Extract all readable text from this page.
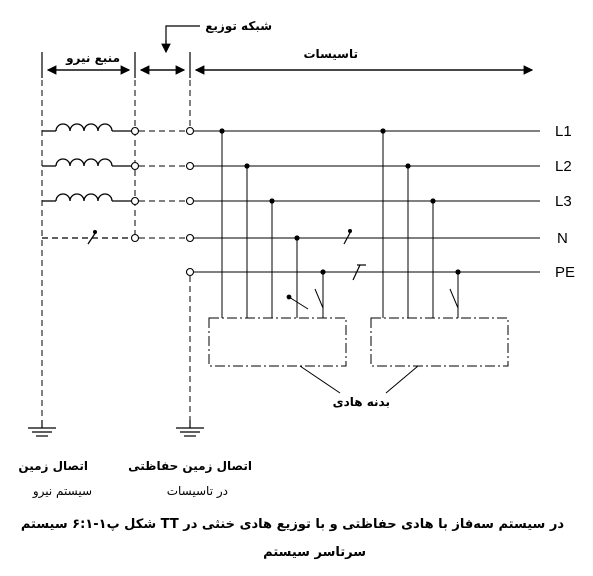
شبکه توزیع
منبع نیرو	تاسیسات
L1
L2
L3
N
PE
بدنه هادی
اتصال زمین
سیستم نیرو
اتصال زمین حفاظتی
در تاسیسات
شکل پ۱-۶:۱ سیستم TT در سیستم سه‌فاز با هادی حفاظتی و با توزیع هادی خنثی در
سرتاسر سیستم
